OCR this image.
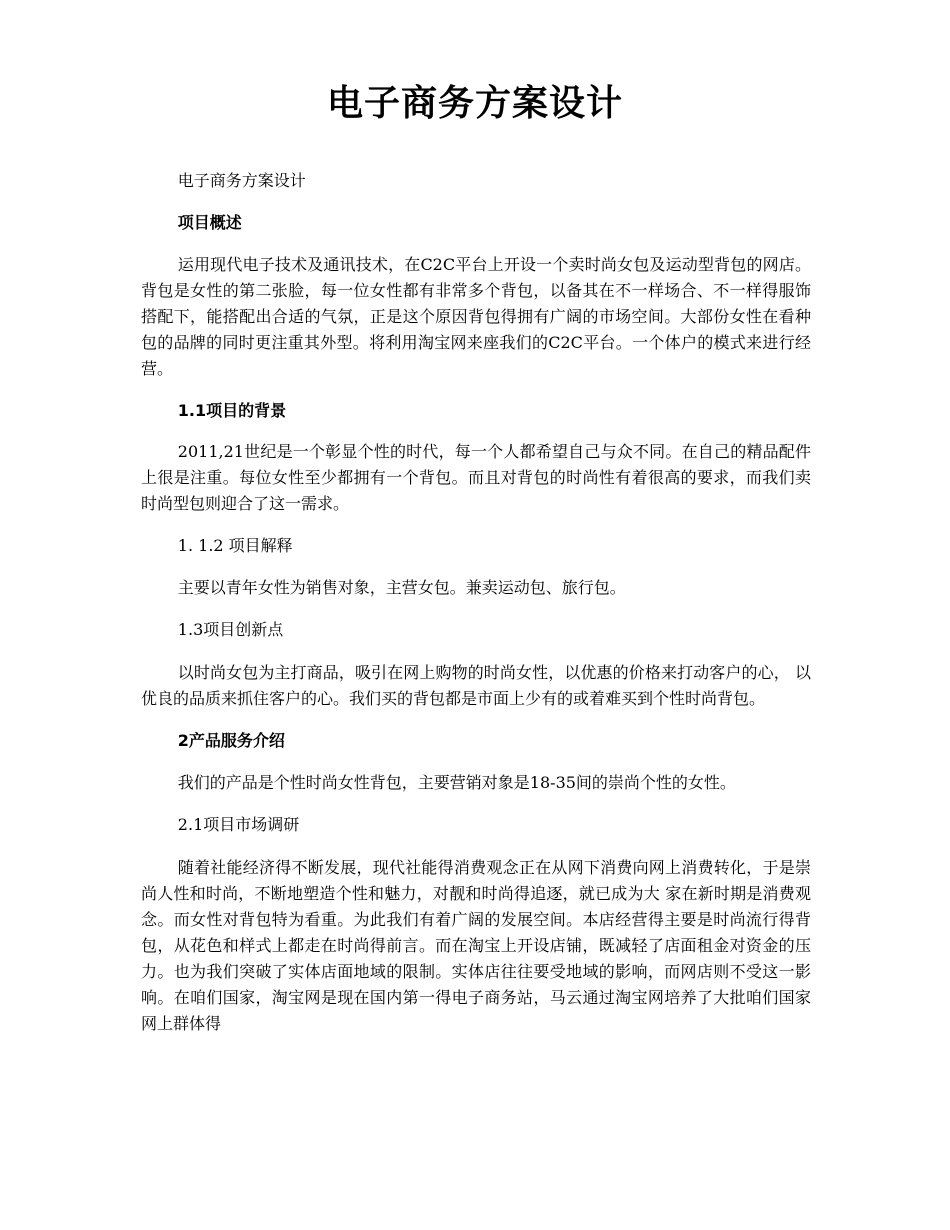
电子商务方案设计

电子商务方案设计

项目概述

运用现代电子技术及通讯技术，在C2C平台上开设一个卖时尚女包及运动型背包的网店。背包是女性的第二张脸，每一位女性都有非常多个背包，以备其在不一样场合、不一样得服饰搭配下，能搭配出合适的气氛，正是这个原因背包得拥有广阔的市场空间。大部份女性在看种包的品牌的同时更注重其外型。将利用淘宝网来座我们的C2C平台。一个体户的模式来进行经营。

1.1项目的背景

2011,21世纪是一个彰显个性的时代，每一个人都希望自己与众不同。在自己的精品配件上很是注重。每位女性至少都拥有一个背包。而且对背包的时尚性有着很高的要求，而我们卖时尚型包则迎合了这一需求。

1. 1.2 项目解释

主要以青年女性为销售对象，主营女包。兼卖运动包、旅行包。

1.3项目创新点

以时尚女包为主打商品，吸引在网上购物的时尚女性，以优惠的价格来打动客户的心， 以优良的品质来抓住客户的心。我们买的背包都是市面上少有的或着难买到个性时尚背包。

2产品服务介绍

我们的产品是个性时尚女性背包，主要营销对象是18-35间的崇尚个性的女性。

2.1项目市场调研

随着社能经济得不断发展，现代社能得消费观念正在从网下消费向网上消费转化，于是崇尚人性和时尚，不断地塑造个性和魅力，对靓和时尚得追逐，就已成为大 家在新时期是消费观念。而女性对背包特为看重。为此我们有着广阔的发展空间。本店经营得主要是时尚流行得背包，从花色和样式上都走在时尚得前言。而在淘宝上开设店铺，既减轻了店面租金对资金的压力。也为我们突破了实体店面地域的限制。实体店往往要受地域的影响，而网店则不受这一影响。在咱们国家，淘宝网是现在国内第一得电子商务站，马云通过淘宝网培养了大批咱们国家网上群体得
